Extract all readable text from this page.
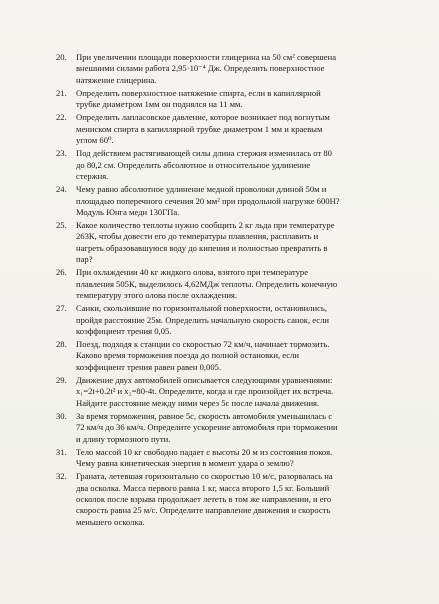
20.	При увеличении площади поверхности глицерина на 50 см² совершена
внешними силами работа 2,95·10⁻⁴ Дж. Определить поверхностное
натяжение глицерина.
21.	Определить поверхностное натяжение спирта, если в капиллярной
трубке диаметром 1мм он поднялся на 11 мм.
22.	Определить лапласовское давление, которое возникает под вогнутым
мениском спирта в капиллярной трубке диаметром 1 мм и краевым
углом 60⁰.
23.	Под действием растягивающей силы длина стержня изменилась от 80
до 80,2 см. Определить абсолютное и относительное удлинение
стержня.
24.	Чему равно абсолютное удлинение медной проволоки длиной 50м и
площадью поперечного сечения 20 мм² при продольной нагрузке 600Н?
Модуль Юнга меди 130ГПа.
25.	Какое количество теплоты нужно сообщить 2 кг льда при температуре
263К, чтобы довести его до температуры плавления, расплавить и
нагреть образовавшуюся воду до кипения и полностью превратить в
пар?
26.	При охлаждении 40 кг жидкого олова, взятого при температуре
плавления 505К, выделилось 4,62МДж теплоты. Определить конечную
температуру этого олова после охлаждения.
27.	Санки, скользившие по горизонтальной поверхности, остановились,
пройдя расстояние 25м. Определить начальную скорость санок, если
коэффициент трения 0,05.
28.	Поезд, подходя к станции со скоростью 72 км/ч, начинает тормозить.
Каково время торможения поезда до полной остановки, если
коэффициент трения равен равен 0,005.
29.	Движение двух автомобилей описывается следующими уравнениями:
x₁=2t+0.2t² и x₂=80-4t. Определите, когда и где произойдет их встреча.
Найдите расстояние между ними через 5с после начала движения.
30.	За время торможения, равное 5с, скорость автомобиля уменьшилась с
72 км/ч до 36 км/ч. Определите ускорение автомобиля при торможении
и длину тормозного пути.
31.	Тело массой 10 кг свободно падает с высоты 20 м из состояния покоя.
Чему равна кинетическая энергия в момент удара о землю?
32.	Граната, летевшая горизонтально со скоростью 10 м/с, разорвалась на
два осколка. Масса первого равна 1 кг, масса второго 1,5 кг. Больший
осколок после взрыва продолжает лететь в том же направлении, и его
скорость равна 25 м/с. Определите направление движения и скорость
меньшего осколка.
